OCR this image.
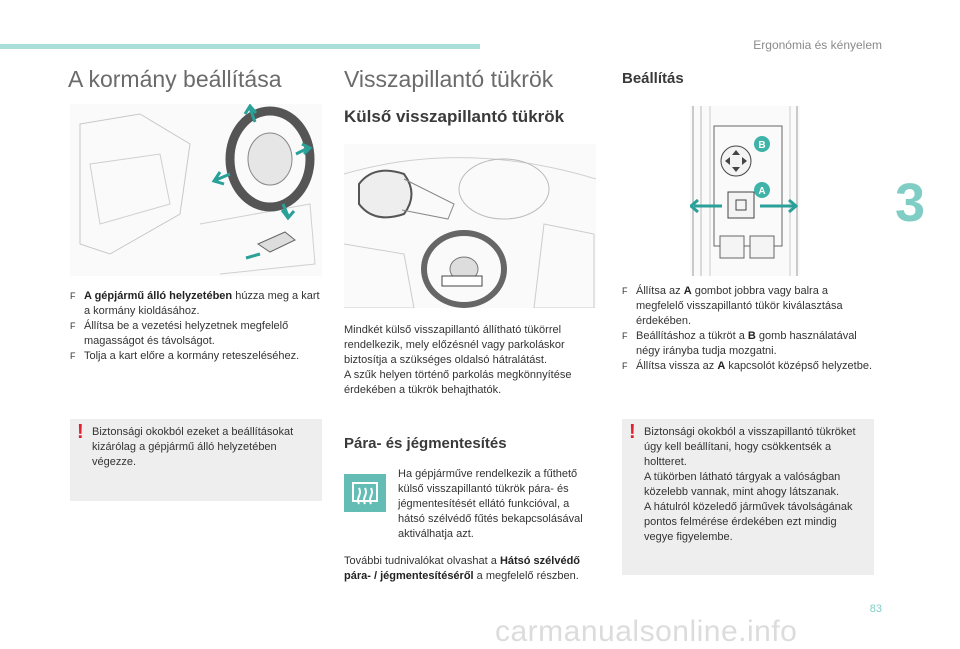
Ergonómia és kényelem
3
A kormány beállítása
F A gépjármű álló helyzetében húzza meg a kart a kormány kioldásához.
F Állítsa be a vezetési helyzetnek megfelelő magasságot és távolságot.
F Tolja a kart előre a kormány reteszeléséhez.
! Biztonsági okokból ezeket a beállításokat kizárólag a gépjármű álló helyzetében végezze.
Visszapillantó tükrök
Külső visszapillantó tükrök
Mindkét külső visszapillantó állítható tükörrel rendelkezik, mely előzésnél vagy parkoláskor biztosítja a szükséges oldalsó hátralátást.
A szűk helyen történő parkolás megkönnyítése érdekében a tükrök behajthatók.
Pára- és jégmentesítés
Ha gépjárműve rendelkezik a fűthető külső visszapillantó tükrök pára- és jégmentesítését ellátó funkcióval, a hátsó szélvédő fűtés bekapcsolásával aktiválhatja azt.
További tudnivalókat olvashat a Hátsó szélvédő pára- / jégmentesítéséről a megfelelő részben.
Beállítás
B
A
F Állítsa az A gombot jobbra vagy balra a megfelelő visszapillantó tükör kiválasztása érdekében.
F Beállításhoz a tükröt a B gomb használatával négy irányba tudja mozgatni.
F Állítsa vissza az A kapcsolót középső helyzetbe.
! Biztonsági okokból a visszapillantó tükröket úgy kell beállítani, hogy csökkentsék a holtteret.
A tükörben látható tárgyak a valóságban közelebb vannak, mint ahogy látszanak.
A hátulról közeledő járművek távolságának pontos felmérése érdekében ezt mindig vegye figyelembe.
83
carmanualsonline.info
